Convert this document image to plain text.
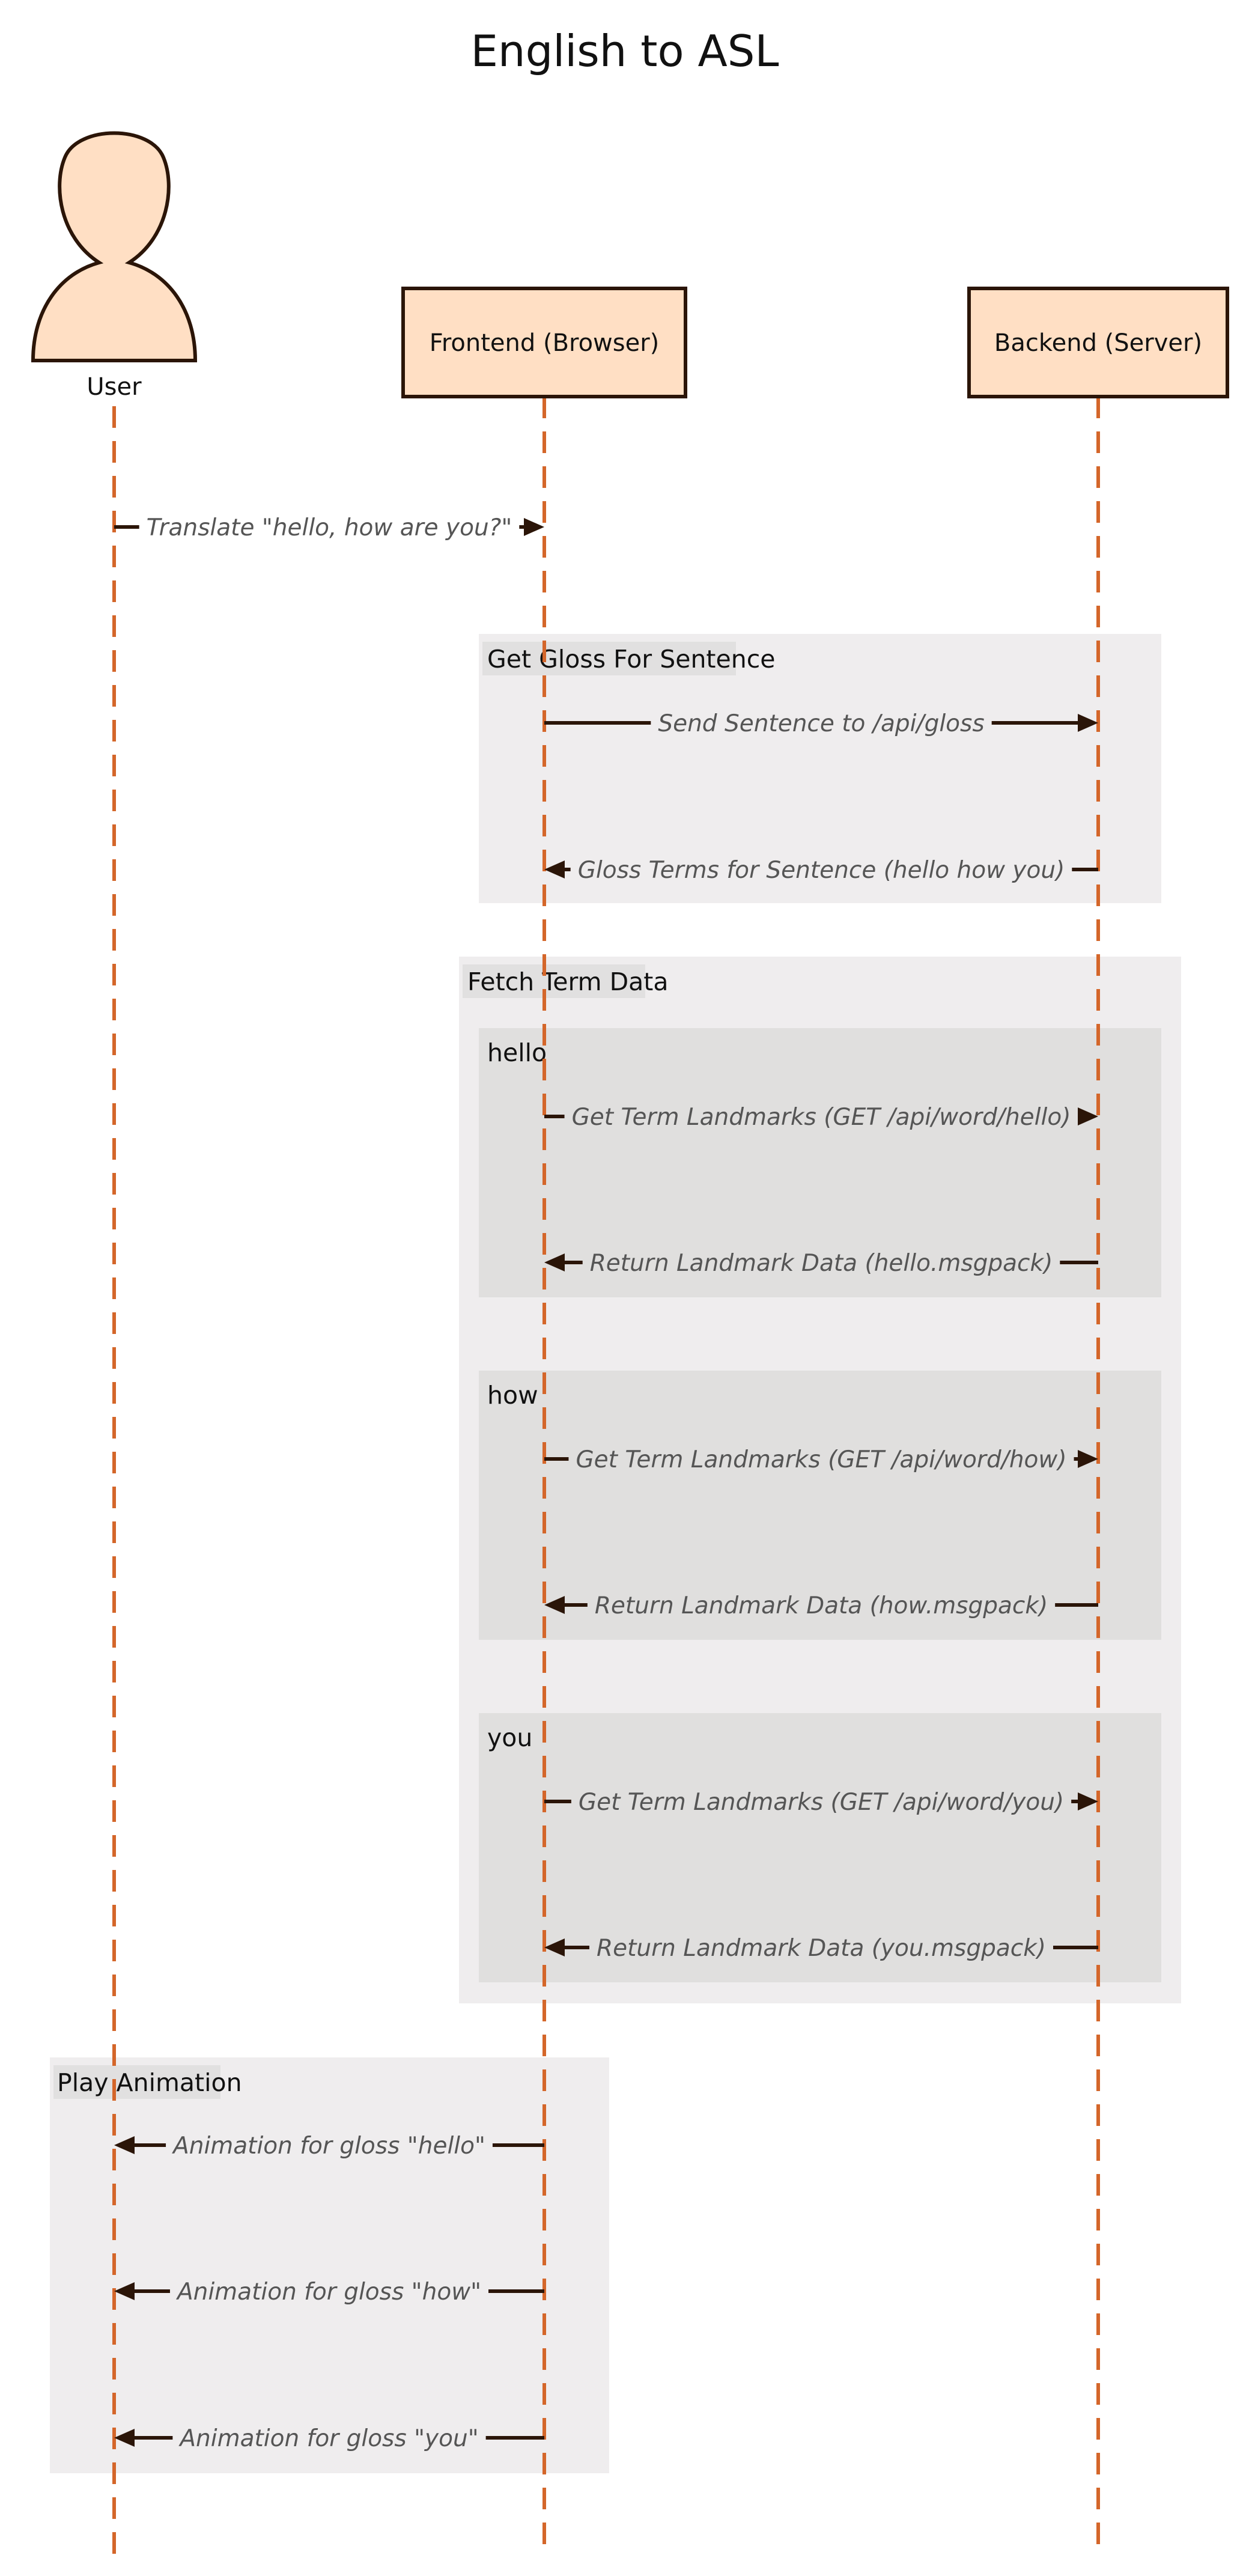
English to ASL
Get Gloss For Sentence
Fetch Term Data
hello
how
you
Play Animation
User
Frontend (Browser)	Backend (Server)
Translate "hello, how are you?"
Send Sentence to /api/gloss
Gloss Terms for Sentence (hello how you)
Get Term Landmarks (GET /api/word/hello)
Return Landmark Data (hello.msgpack)
Get Term Landmarks (GET /api/word/how)
Return Landmark Data (how.msgpack)
Get Term Landmarks (GET /api/word/you)
Return Landmark Data (you.msgpack)
Animation for gloss "hello"
Animation for gloss "how"
Animation for gloss "you"
